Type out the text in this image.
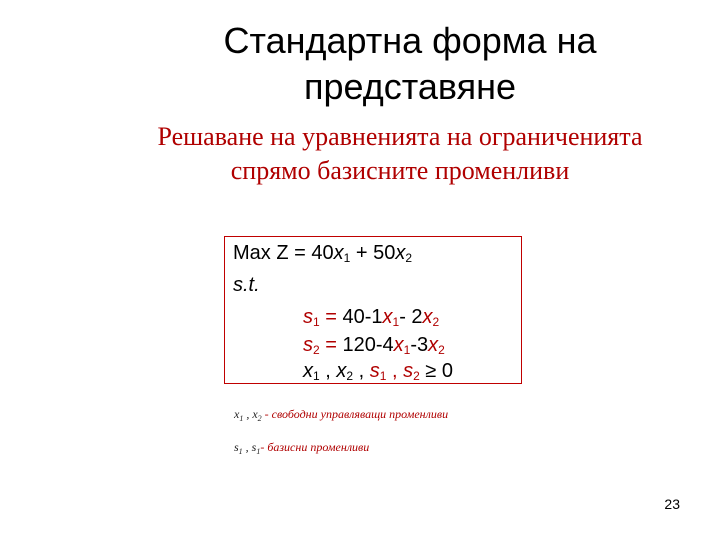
Стандартна форма на
представяне
Решаване на уравненията на ограниченията
спрямо базисните променливи
Max $Z = 40x_1 + 50x_2$
s.t.
$s_1 = 40-1x_1-$ $2x_2$
$s_2 = 120-4x_1-3x_2$
$x_1$ , $x_2$ , $s_1$ , $s_2 \ge 0$
$x_1$ , $x_2$ - свободни управляващи променливи
$s_1$ , $s_1-$ базисни променливи
23
